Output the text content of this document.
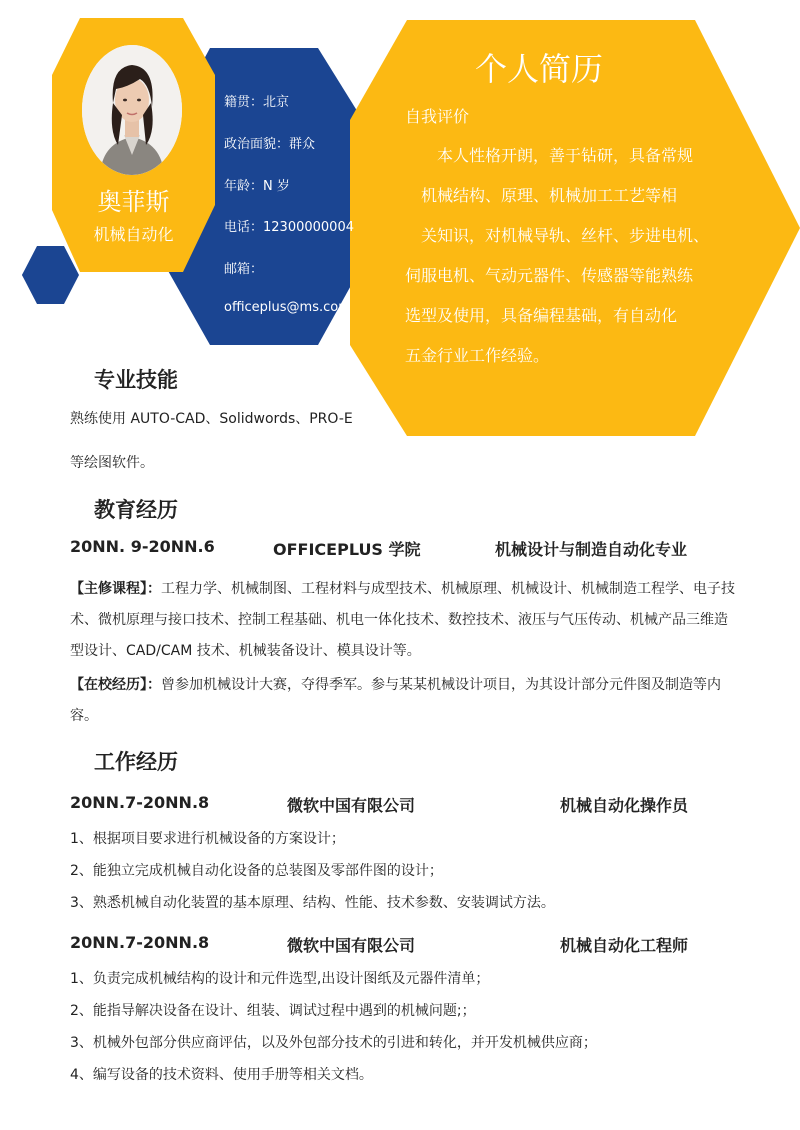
奥菲斯
机械自动化
籍贯：北京
政治面貌：群众
年龄：N 岁
电话：12300000004
邮箱：
officeplus@ms.com
个人简历
自我评价
　　本人性格开朗，善于钻研，具备常规
　机械结构、原理、机械加工工艺等相
　关知识，对机械导轨、丝杆、步进电机、
伺服电机、气动元器件、传感器等能熟练
选型及使用，具备编程基础，有自动化
五金行业工作经验。
专业技能
熟练使用 AUTO-CAD、Solidwords、PRO-E
等绘图软件。
教育经历
20NN. 9-20NN.6	OFFICEPLUS 学院	机械设计与制造自动化专业
【主修课程】：工程力学、机械制图、工程材料与成型技术、机械原理、机械设计、机械制造工程学、电子技术、微机原理与接口技术、控制工程基础、机电一体化技术、数控技术、液压与气压传动、机械产品三维造型设计、CAD/CAM 技术、机械装备设计、模具设计等。
【在校经历】：曾参加机械设计大赛，夺得季军。参与某某机械设计项目，为其设计部分元件图及制造等内容。
工作经历
20NN.7-20NN.8	微软中国有限公司	机械自动化操作员
1、根据项目要求进行机械设备的方案设计；
2、能独立完成机械自动化设备的总装图及零部件图的设计；
3、熟悉机械自动化装置的基本原理、结构、性能、技术参数、安装调试方法。
20NN.7-20NN.8	微软中国有限公司	机械自动化工程师
1、负责完成机械结构的设计和元件选型,出设计图纸及元器件清单；
2、能指导解决设备在设计、组装、调试过程中遇到的机械问题;；
3、机械外包部分供应商评估，以及外包部分技术的引进和转化，并开发机械供应商；
4、编写设备的技术资料、使用手册等相关文档。
